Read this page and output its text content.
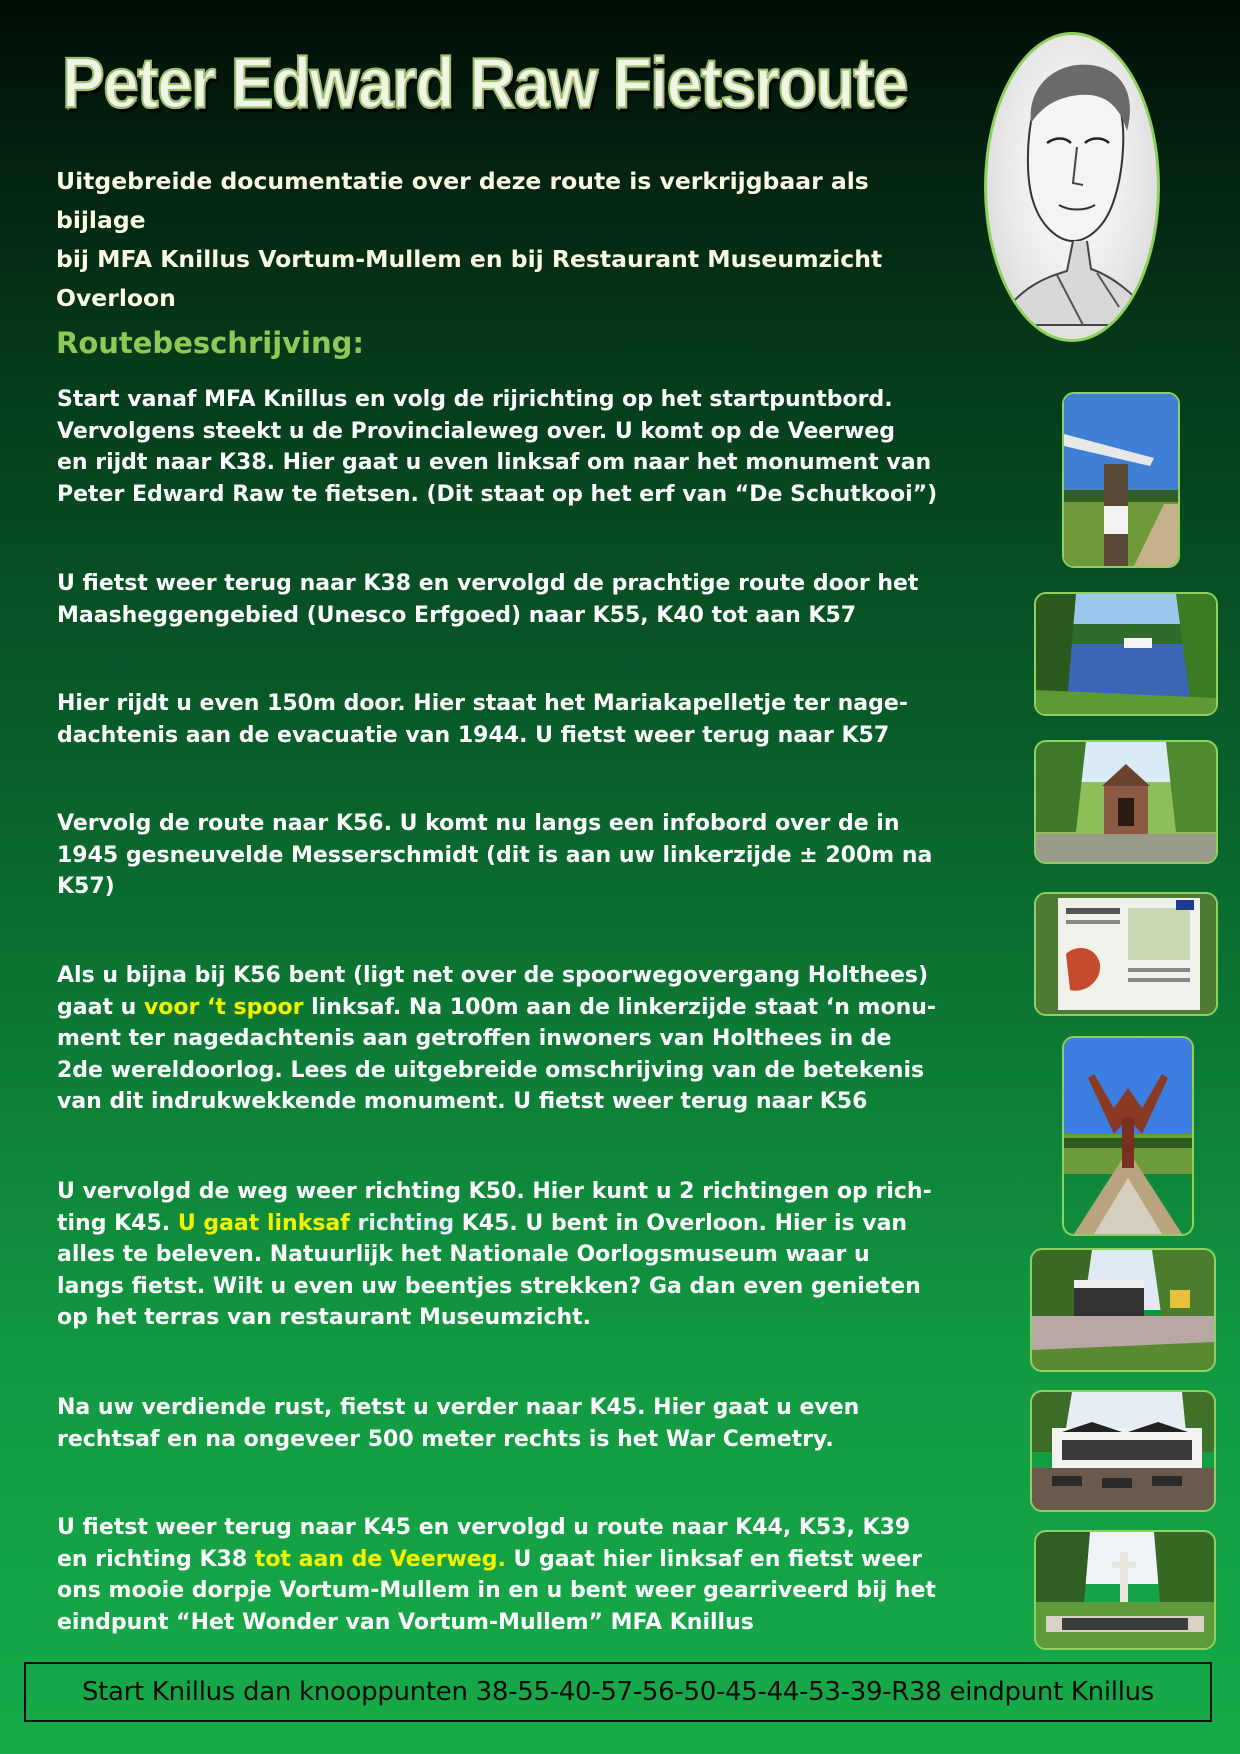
Peter Edward Raw Fietsroute
Uitgebreide documentatie over deze route is verkrijgbaar als bijlage
bij MFA Knillus Vortum-Mullem en bij Restaurant Museumzicht
Overloon
Routebeschrijving:
Start vanaf MFA Knillus en volg de rijrichting op het startpuntbord.
Vervolgens steekt u de Provincialeweg over. U komt op de Veerweg
en rijdt naar K38. Hier gaat u even linksaf om naar het monument van
Peter Edward Raw te fietsen. (Dit staat op het erf van “De Schutkooi”)
U fietst weer terug naar K38 en vervolgd de prachtige route door het
Maasheggengebied (Unesco Erfgoed) naar K55, K40 tot aan K57
Hier rijdt u even 150m door. Hier staat het Mariakapelletje ter nage-
dachtenis aan de evacuatie van 1944. U fietst weer terug naar K57
Vervolg de route naar K56. U komt nu langs een infobord over de in
1945 gesneuvelde Messerschmidt (dit is aan uw linkerzijde ± 200m na
K57)
Als u bijna bij K56 bent (ligt net over de spoorwegovergang Holthees)
gaat u voor ‘t spoor linksaf. Na 100m aan de linkerzijde staat ‘n monu-
ment ter nagedachtenis aan getroffen inwoners van Holthees in de
2de wereldoorlog. Lees de uitgebreide omschrijving van de betekenis
van dit indrukwekkende monument. U fietst weer terug naar K56
U vervolgd de weg weer richting K50. Hier kunt u 2 richtingen op rich-
ting K45. U gaat linksaf richting K45. U bent in Overloon. Hier is van
alles te beleven. Natuurlijk het Nationale Oorlogsmuseum waar u
langs fietst. Wilt u even uw beentjes strekken? Ga dan even genieten
op het terras van restaurant Museumzicht.
Na uw verdiende rust, fietst u verder naar K45. Hier gaat u even
rechtsaf en na ongeveer 500 meter rechts is het War Cemetry.
U fietst weer terug naar K45 en vervolgd u route naar K44, K53, K39
en richting K38 tot aan de Veerweg. U gaat hier linksaf en fietst weer
ons mooie dorpje Vortum-Mullem in en u bent weer gearriveerd bij het
eindpunt “Het Wonder van Vortum-Mullem” MFA Knillus
Start Knillus dan knooppunten 38-55-40-57-56-50-45-44-53-39-R38 eindpunt Knillus
